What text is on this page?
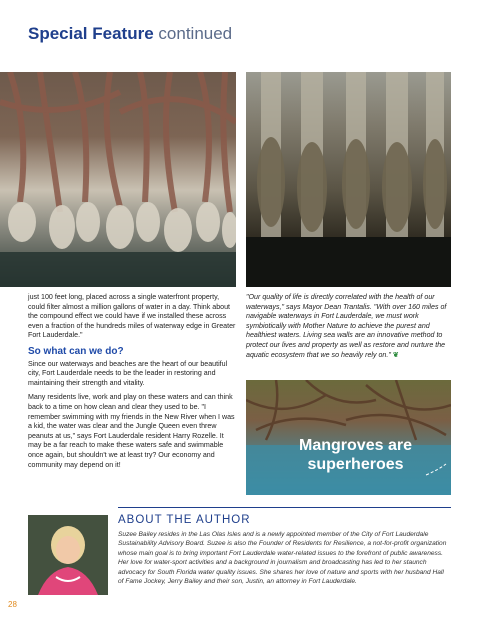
Special Feature continued

just 100 feet long, placed across a single waterfront property, could filter almost a million gallons of water in a day. Think about the compound effect we could have if we installed these across even a fraction of the hundreds miles of waterway edge in Greater Fort Lauderdale."

So what can we do?

Since our waterways and beaches are the heart of our beautiful city, Fort Lauderdale needs to be the leader in restoring and maintaining their strength and vitality.

Many residents live, work and play on these waters and can think back to a time on how clean and clear they used to be. "I remember swimming with my friends in the New River when I was a kid, the water was clear and the Jungle Queen even threw peanuts at us," says Fort Lauderdale resident Harry Rozelle. It may be a far reach to make these waters safe and swimmable once again, but shouldn't we at least try? Our economy and community may depend on it!

"Our quality of life is directly correlated with the health of our waterways," says Mayor Dean Trantalis. "With over 160 miles of navigable waterways in Fort Lauderdale, we must work symbiotically with Mother Nature to achieve the purest and healthiest waters. Living sea walls are an innovative method to protect our lives and property as well as restore and nurture the aquatic ecosystem that we so heavily rely on." ❦

Mangroves are
superheroes
ABOUT THE AUTHOR
Suzee Bailey resides in the Las Olas Isles and is a newly appointed member of the City of Fort Lauderdale Sustainability Advisory Board. Suzee is also the Founder of Residents for Resilience, a not-for-profit organization whose main goal is to bring important Fort Lauderdale water-related issues to the forefront of public awareness. Her love for water-sport activities and a background in journalism and broadcasting has led to her staunch advocacy for South Florida water quality issues. She shares her love of nature and sports with her husband Hall of Fame Jockey, Jerry Bailey and their son, Justin, an attorney in Fort Lauderdale.
28
